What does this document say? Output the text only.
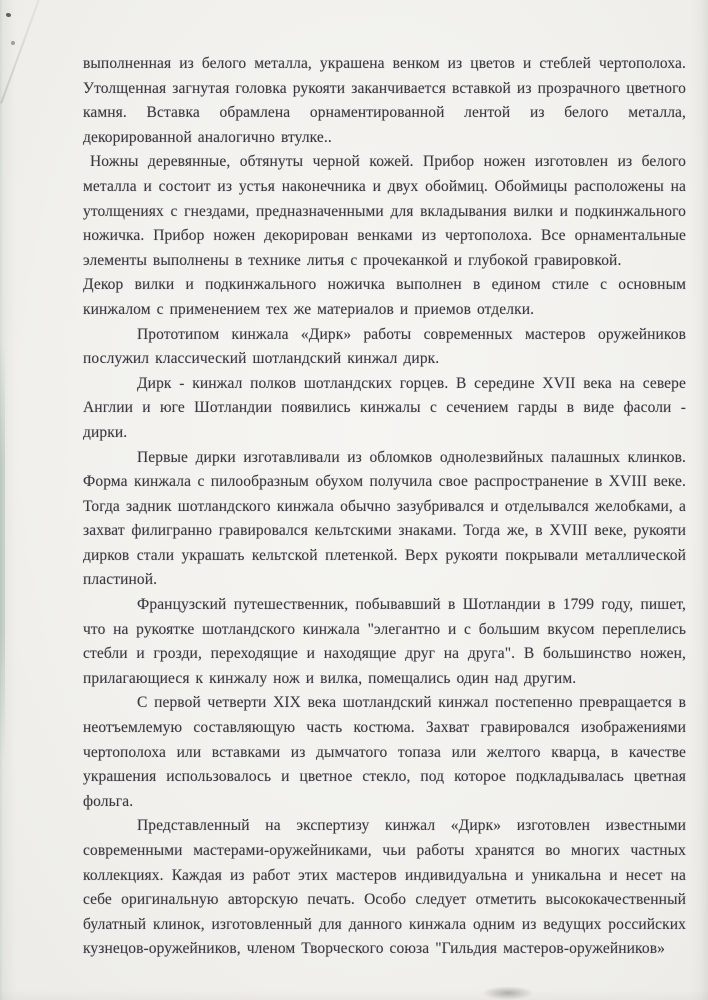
выполненная из белого металла, украшена венком из цветов и стеблей чертополоха. Утолщенная загнутая головка рукояти заканчивается вставкой из прозрачного цветного камня. Вставка обрамлена орнаментированной лентой из белого металла, декорированной аналогично втулке..

Ножны деревянные, обтянуты черной кожей. Прибор ножен изготовлен из белого металла и состоит из устья наконечника и двух обоймиц. Обоймицы расположены на утолщениях с гнездами, предназначенными для вкладывания вилки и подкинжального ножичка. Прибор ножен декорирован венками из чертополоха. Все орнаментальные элементы выполнены в технике литья с прочеканкой и глубокой гравировкой.

Декор вилки и подкинжального ножичка выполнен в едином стиле с основным кинжалом с применением тех же материалов и приемов отделки.

Прототипом кинжала «Дирк» работы современных мастеров оружейников послужил классический шотландский кинжал дирк.

Дирк - кинжал полков шотландских горцев. В середине XVII века на севере Англии и юге Шотландии появились кинжалы с сечением гарды в виде фасоли - дирки.

Первые дирки изготавливали из обломков однолезвийных палашных клинков. Форма кинжала с пилообразным обухом получила свое распространение в XVIII веке. Тогда задник шотландского кинжала обычно зазубривался и отделывался желобками, а захват филигранно гравировался кельтскими знаками. Тогда же, в XVIII веке, рукояти дирков стали украшать кельтской плетенкой. Верх рукояти покрывали металлической пластиной.

Французский путешественник, побывавший в Шотландии в 1799 году, пишет, что на рукоятке шотландского кинжала "элегантно и с большим вкусом переплелись стебли и грозди, переходящие и находящие друг на друга". В большинство ножен, прилагающиеся к кинжалу нож и вилка, помещались один над другим.

С первой четверти XIX века шотландский кинжал постепенно превращается в неотъемлемую составляющую часть костюма. Захват гравировался изображениями чертополоха или вставками из дымчатого топаза или желтого кварца, в качестве украшения использовалось и цветное стекло, под которое подкладывалась цветная фольга.

Представленный на экспертизу кинжал «Дирк» изготовлен известными современными мастерами-оружейниками, чьи работы хранятся во многих частных коллекциях. Каждая из работ этих мастеров индивидуальна и уникальна и несет на себе оригинальную авторскую печать. Особо следует отметить высококачественный булатный клинок, изготовленный для данного кинжала одним из ведущих российских кузнецов-оружейников, членом Творческого союза "Гильдия мастеров-оружейников»
